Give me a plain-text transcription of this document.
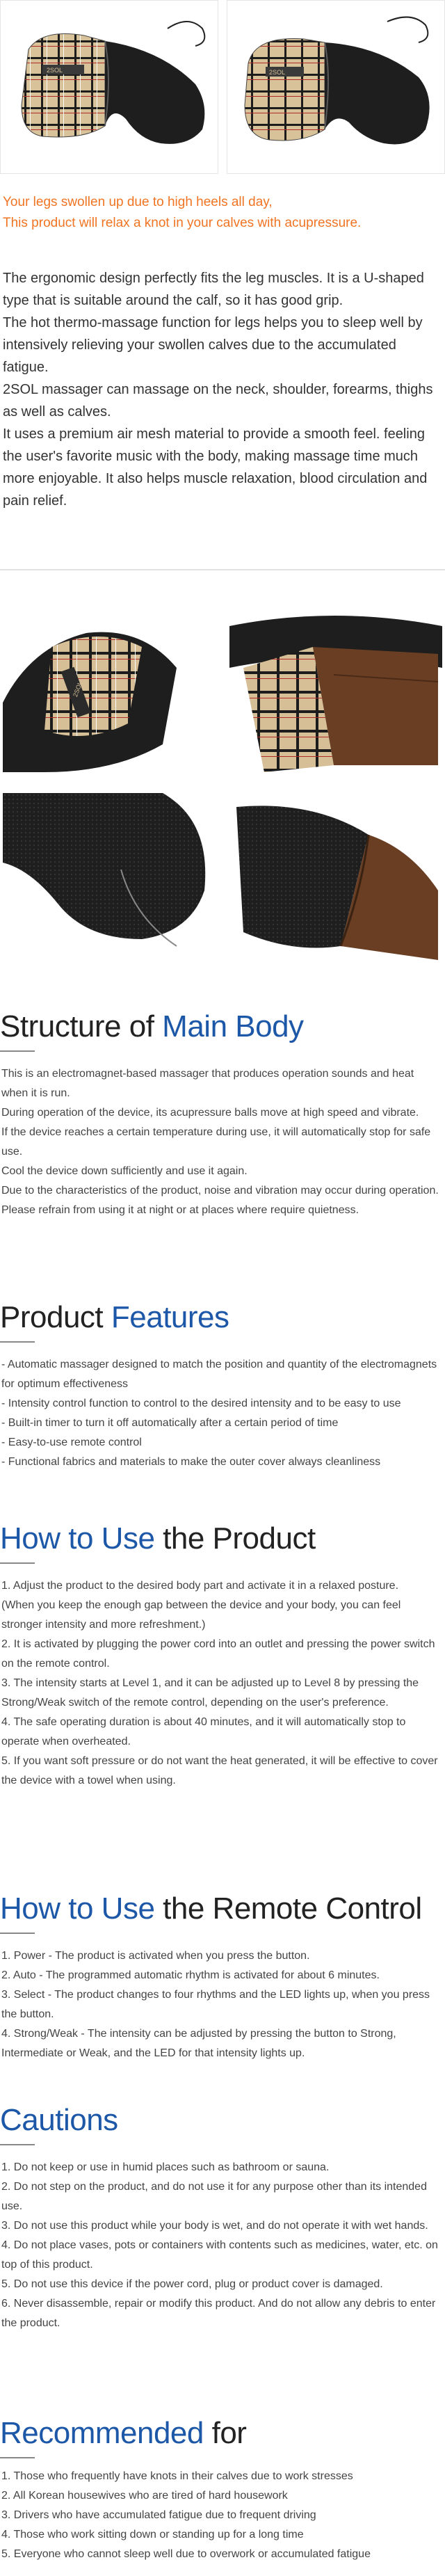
2SOL	2SOL
Your legs swollen up due to high heels all day,
This product will relax a knot in your calves with acupressure.

The ergonomic design perfectly fits the leg muscles. It is a U-shaped type that is suitable around the calf, so it has good grip.

The hot thermo-massage function for legs helps you to sleep well by intensively relieving your swollen calves due to the accumulated fatigue.

2SOL massager can massage on the neck, shoulder, forearms, thighs as well as calves.

It uses a premium air mesh material to provide a smooth feel. feeling the user's favorite music with the body, making massage time much more enjoyable. It also helps muscle relaxation, blood circulation and pain relief.

2SOL
Structure of Main Body

This is an electromagnet-based massager that produces operation sounds and heat when it is run.

During operation of the device, its acupressure balls move at high speed and vibrate.

If the device reaches a certain temperature during use, it will automatically stop for safe use.

Cool the device down sufficiently and use it again.

Due to the characteristics of the product, noise and vibration may occur during operation. Please refrain from using it at night or at places where require quietness.

Product Features

- Automatic massager designed to match the position and quantity of the electromagnets for optimum effectiveness

- Intensity control function to control to the desired intensity and to be easy to use

- Built-in timer to turn it off automatically after a certain period of time

- Easy-to-use remote control

- Functional fabrics and materials to make the outer cover always cleanliness

How to Use the Product

1. Adjust the product to the desired body part and activate it in a relaxed posture.

(When you keep the enough gap between the device and your body, you can feel stronger intensity and more refreshment.)

2. It is activated by plugging the power cord into an outlet and pressing the power switch on the remote control.

3. The intensity starts at Level 1, and it can be adjusted up to Level 8 by pressing the Strong/Weak switch of the remote control, depending on the user's preference.

4. The safe operating duration is about 40 minutes, and it will automatically stop to operate when overheated.

5. If you want soft pressure or do not want the heat generated, it will be effective to cover the device with a towel when using.

How to Use the Remote Control

1. Power - The product is activated when you press the button.

2. Auto - The programmed automatic rhythm is activated for about 6 minutes.

3. Select - The product changes to four rhythms and the LED lights up, when you press the button.

4. Strong/Weak - The intensity can be adjusted by pressing the button to Strong, Intermediate or Weak, and the LED for that intensity lights up.

Cautions

1. Do not keep or use in humid places such as bathroom or sauna.

2. Do not step on the product, and do not use it for any purpose other than its intended use.

3. Do not use this product while your body is wet, and do not operate it with wet hands.

4. Do not place vases, pots or containers with contents such as medicines, water, etc. on top of this product.

5. Do not use this device if the power cord, plug or product cover is damaged.

6. Never disassemble, repair or modify this product. And do not allow any debris to enter the product.

Recommended for

1. Those who frequently have knots in their calves due to work stresses

2. All Korean housewives who are tired of hard housework

3. Drivers who have accumulated fatigue due to frequent driving

4. Those who work sitting down or standing up for a long time

5. Everyone who cannot sleep well due to overwork or accumulated fatigue
